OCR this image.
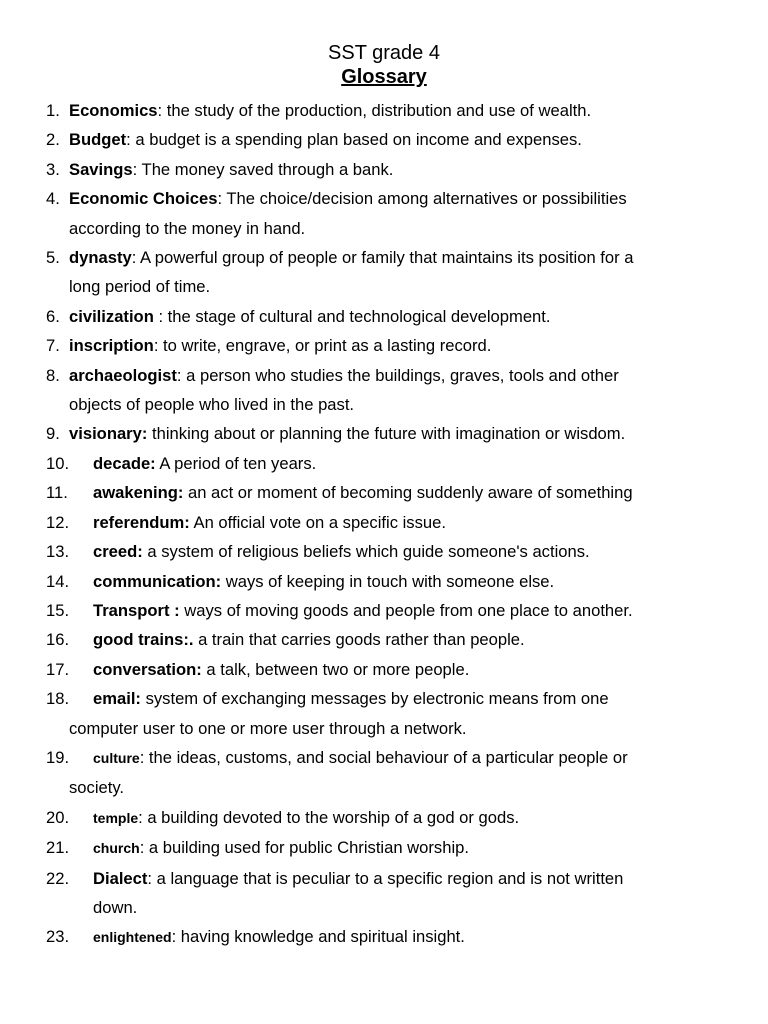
SST grade 4
Glossary
1. Economics: the study of the production, distribution and use of wealth.
2. Budget: a budget is a spending plan based on income and expenses.
3. Savings: The money saved through a bank.
4. Economic Choices: The choice/decision among alternatives or possibilities
according to the money in hand.
5. dynasty: A powerful group of people or family that maintains its position for a
long period of time.
6. civilization : the stage of cultural and technological development.
7. inscription: to write, engrave, or print as a lasting record.
8. archaeologist: a person who studies the buildings, graves, tools and other
objects of people who lived in the past.
9. visionary: thinking about or planning the future with imagination or wisdom.
10. decade: A period of ten years.
11. awakening: an act or moment of becoming suddenly aware of something
12. referendum: An official vote on a specific issue.
13. creed: a system of religious beliefs which guide someone's actions.
14. communication: ways of keeping in touch with someone else.
15. Transport : ways of moving goods and people from one place to another.
16. good trains:. a train that carries goods rather than people.
17. conversation: a talk, between two or more people.
18. email: system of exchanging messages by electronic means from one
computer user to one or more user through a network.
19. culture: the ideas, customs, and social behaviour of a particular people or
society.
20. temple: a building devoted to the worship of a god or gods.
21. church: a building used for public Christian worship.
22. Dialect: a language that is peculiar to a specific region and is not written
down.
23. enlightened: having knowledge and spiritual insight.
